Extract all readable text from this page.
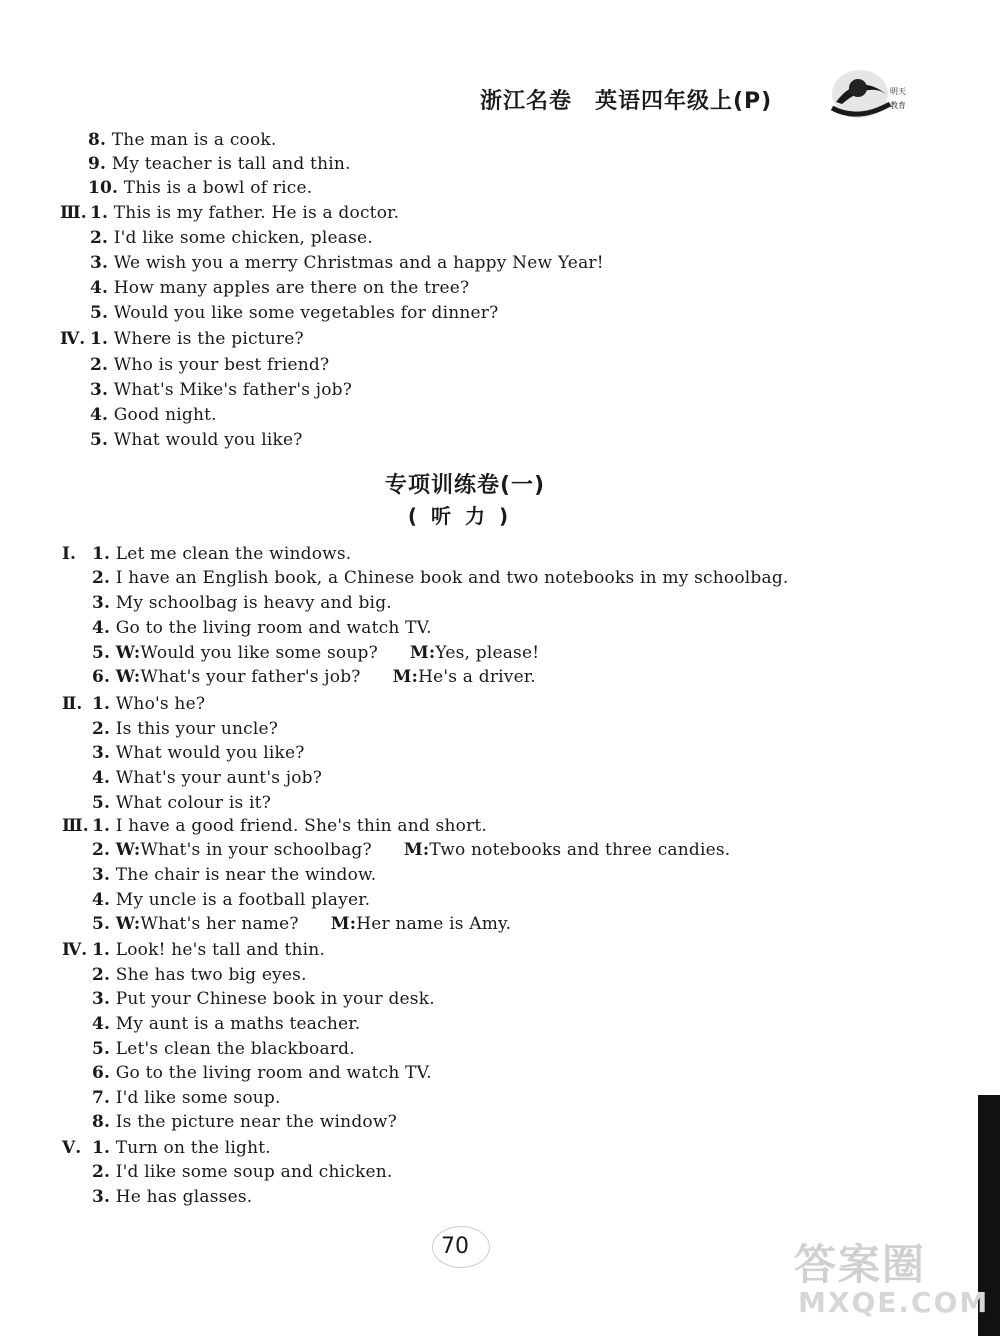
浙江名卷　英语四年级上(P)	明天
教育
8. The man is a cook.
9. My teacher is tall and thin.
10. This is a bowl of rice.
Ⅲ. 1. This is my father. He is a doctor.
2. I'd like some chicken, please.
3. We wish you a merry Christmas and a happy New Year!
4. How many apples are there on the tree?
5. Would you like some vegetables for dinner?
Ⅳ. 1. Where is the picture?
2. Who is your best friend?
3. What's Mike's father's job?
4. Good night.
5. What would you like?
专项训练卷(一)
(听力)
Ⅰ. 1. Let me clean the windows.
2. I have an English book, a Chinese book and two notebooks in my schoolbag.
3. My schoolbag is heavy and big.
4. Go to the living room and watch TV.
5. W:Would you like some soup? M:Yes, please!
6. W:What's your father's job? M:He's a driver.
Ⅱ. 1. Who's he?
2. Is this your uncle?
3. What would you like?
4. What's your aunt's job?
5. What colour is it?
Ⅲ. 1. I have a good friend. She's thin and short.
2. W:What's in your schoolbag? M:Two notebooks and three candies.
3. The chair is near the window.
4. My uncle is a football player.
5. W:What's her name? M:Her name is Amy.
Ⅳ. 1. Look! he's tall and thin.
2. She has two big eyes.
3. Put your Chinese book in your desk.
4. My aunt is a maths teacher.
5. Let's clean the blackboard.
6. Go to the living room and watch TV.
7. I'd like some soup.
8. Is the picture near the window?
Ⅴ. 1. Turn on the light.
2. I'd like some soup and chicken.
3. He has glasses.
70	答案圈
MXQE.COM
